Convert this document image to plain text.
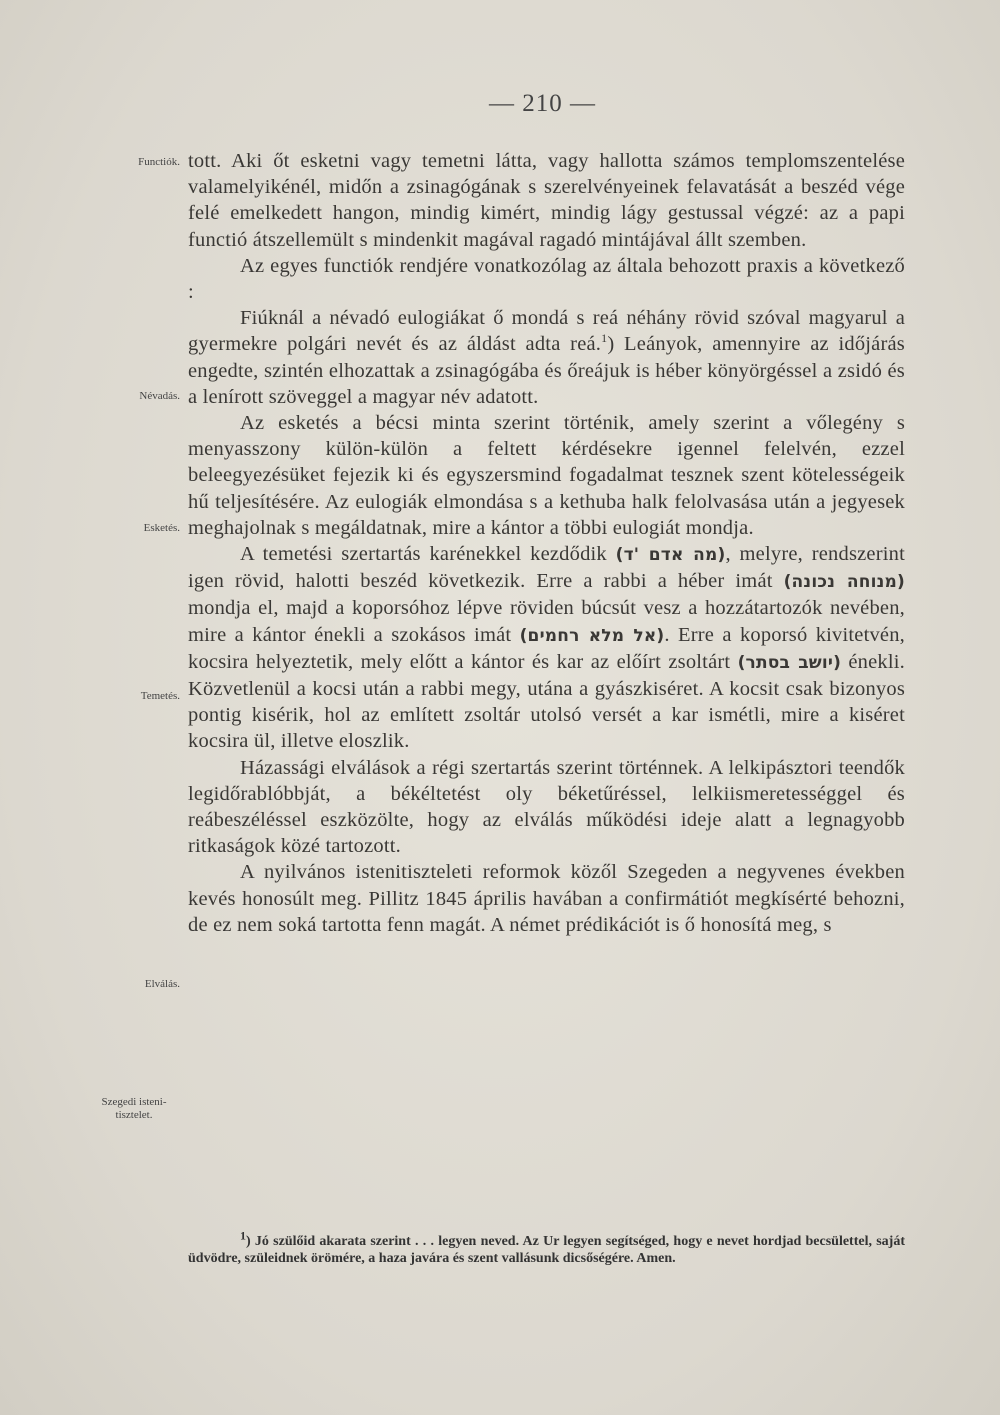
— 210 —
Functiók.
Névadás.
Esketés.
Temetés.
Elválás.
Szegedi isteni-tisztelet.

tott. Aki őt esketni vagy temetni látta, vagy hallotta számos templomszentelése valamelyikénél, midőn a zsinagógának s szerelvényeinek felavatását a beszéd vége felé emelkedett hangon, mindig kimért, mindig lágy gestussal végzé: az a papi functió átszellemült s mindenkit magával ragadó mintájával állt szemben.

Az egyes functiók rendjére vonatkozólag az általa behozott praxis a következő :

Fiúknál a névadó eulogiákat ő mondá s reá néhány rövid szóval magyarul a gyermekre polgári nevét és az áldást adta reá.$^1$) Leányok, amennyire az időjárás engedte, szintén elhozattak a zsinagógába és őreájuk is héber könyörgéssel a zsidó és a lenírott szöveggel a magyar név adatott.

Az esketés a bécsi minta szerint történik, amely szerint a vőlegény s menyasszony külön-külön a feltett kérdésekre igennel felelvén, ezzel beleegyezésüket fejezik ki és egyszersmind fogadalmat tesznek szent kötelességeik hű teljesítésére. Az eulogiák elmondása s a kethuba halk felolvasása után a jegyesek meghajolnak s megáldatnak, mire a kántor a többi eulogiát mondja.

A temetési szertartás karénekkel kezdődik (מה אדם 'ד), melyre, rendszerint igen rövid, halotti beszéd következik. Erre a rabbi a héber imát (מנוחה נכונה) mondja el, majd a koporsóhoz lépve röviden búcsút vesz a hozzátartozók nevében, mire a kántor énekli a szokásos imát (אל מלא רחמים). Erre a koporsó kivitetvén, kocsira helyeztetik, mely előtt a kántor és kar az előírt zsoltárt (יושב בסתר) énekli. Közvetlenül a kocsi után a rabbi megy, utána a gyászkiséret. A kocsit csak bizonyos pontig kisérik, hol az említett zsoltár utolsó versét a kar ismétli, mire a kiséret kocsira ül, illetve eloszlik.

Házassági elválások a régi szertartás szerint történnek. A lelkipásztori teendők legidőrablóbbját, a békéltetést oly béketűréssel, lelkiismeretességgel és reábeszéléssel eszközölte, hogy az elválás működési ideje alatt a legnagyobb ritkaságok közé tartozott.

A nyilvános istenitiszteleti reformok közől Szegeden a negyvenes években kevés honosúlt meg. Pillitz 1845 április havában a confirmátiót megkísérté behozni, de ez nem soká tartotta fenn magát. A német prédikációt is ő honosítá meg, s

$^1$) Jó szülőid akarata szerint . . . legyen neved. Az Ur legyen segítséged, hogy e nevet hordjad becsülettel, saját üdvödre, szüleidnek örömére, a haza javára és szent vallásunk dicsőségére. Amen.
